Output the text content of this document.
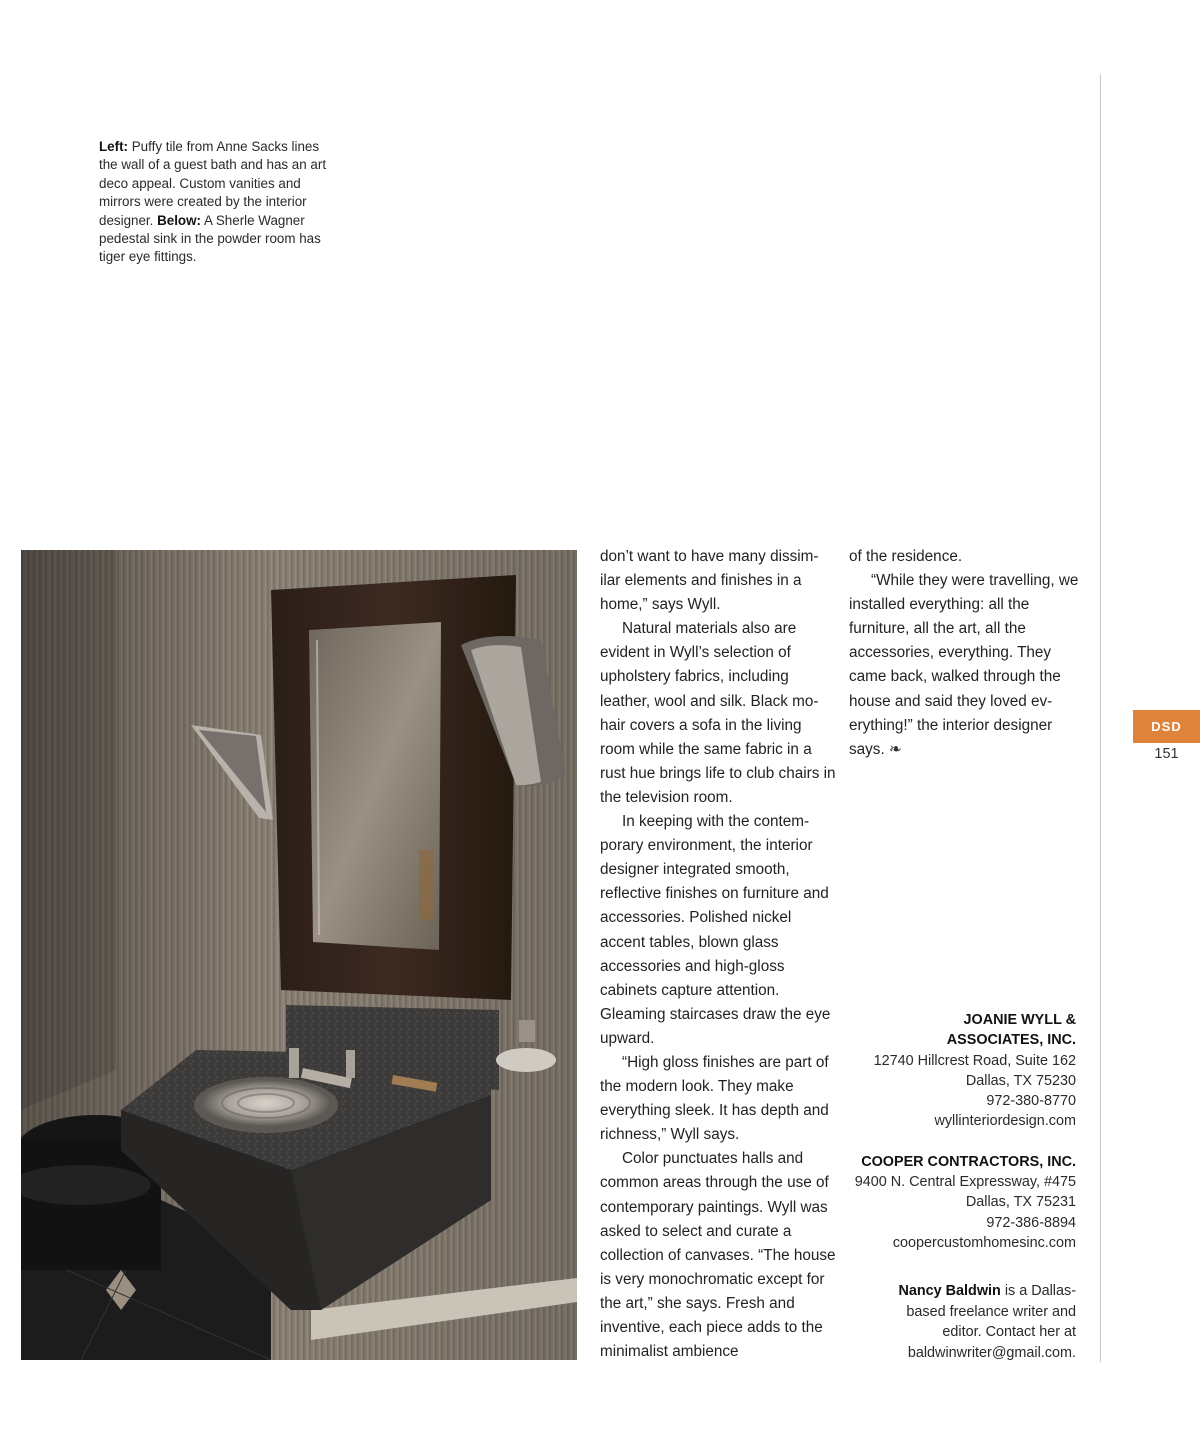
Left: Puffy tile from Anne Sacks lines the wall of a guest bath and has an art deco appeal. Custom vanities and mirrors were created by the interior designer. Below: A Sherle Wagner pedestal sink in the powder room has tiger eye fittings.
DSD
151

don’t want to have many dissim-ilar elements and finishes in a home,” says Wyll.

Natural materials also are evident in Wyll’s selection of upholstery fabrics, including leather, wool and silk. Black mo-hair covers a sofa in the living room while the same fabric in a rust hue brings life to club chairs in the television room.

In keeping with the contem-porary environment, the interior designer integrated smooth, reflective finishes on furniture and accessories. Polished nickel accent tables, blown glass accessories and high-gloss cabinets capture attention. Gleaming staircases draw the eye upward.

“High gloss finishes are part of the modern look. They make everything sleek. It has depth and richness,” Wyll says.

Color punctuates halls and common areas through the use of contemporary paintings. Wyll was asked to select and curate a collection of canvases. “The house is very monochromatic except for the art,” she says. Fresh and inventive, each piece adds to the minimalist ambience

of the residence.

“While they were travelling, we installed everything: all the furniture, all the art, all the accessories, everything. They came back, walked through the house and said they loved ev-erything!” the interior designer says. ❧

JOANIE WYLL &
ASSOCIATES, INC.
12740 Hillcrest Road, Suite 162
Dallas, TX 75230
972-380-8770
wyllinteriordesign.com
COOPER CONTRACTORS, INC.
9400 N. Central Expressway, #475
Dallas, TX 75231
972-386-8894
coopercustomhomesinc.com
Nancy Baldwin is a Dallas-based freelance writer and editor. Contact her at baldwinwriter@gmail.com.
